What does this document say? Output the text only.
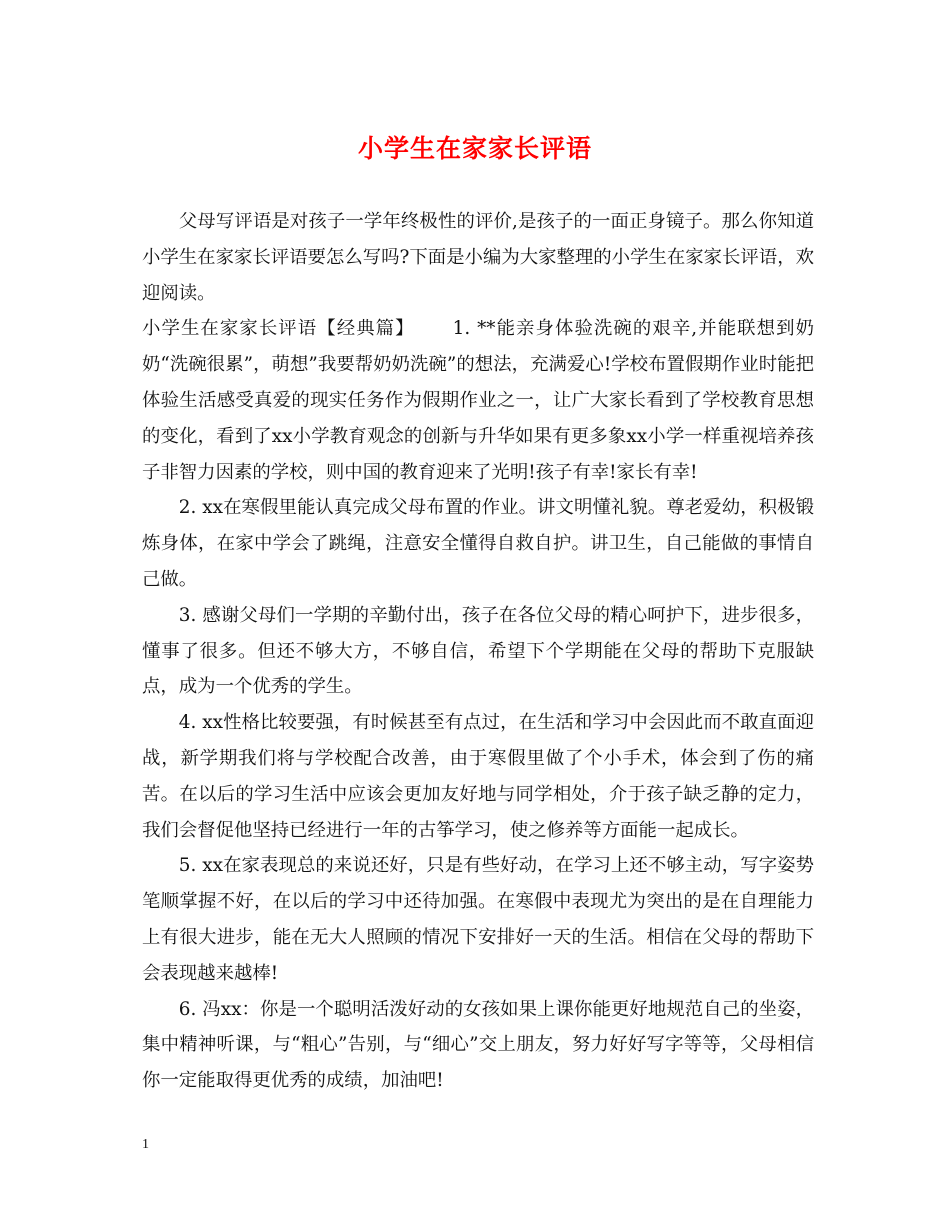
小学生在家家长评语

父母写评语是对孩子一学年终极性的评价,是孩子的一面正身镜子。那么你知道小学生在家家长评语要怎么写吗?下面是小编为大家整理的小学生在家家长评语，欢迎阅读。

小学生在家家长评语【经典篇】 1. **能亲身体验洗碗的艰辛,并能联想到奶奶“洗碗很累”，萌想”我要帮奶奶洗碗”的想法，充满爱心!学校布置假期作业时能把体验生活感受真爱的现实任务作为假期作业之一，让广大家长看到了学校教育思想的变化，看到了xx小学教育观念的创新与升华如果有更多象xx小学一样重视培养孩子非智力因素的学校，则中国的教育迎来了光明!孩子有幸!家长有幸!

2. xx在寒假里能认真完成父母布置的作业。讲文明懂礼貌。尊老爱幼，积极锻炼身体，在家中学会了跳绳，注意安全懂得自救自护。讲卫生，自己能做的事情自己做。

3. 感谢父母们一学期的辛勤付出，孩子在各位父母的精心呵护下，进步很多，懂事了很多。但还不够大方，不够自信，希望下个学期能在父母的帮助下克服缺点，成为一个优秀的学生。

4. xx性格比较要强，有时候甚至有点过，在生活和学习中会因此而不敢直面迎战，新学期我们将与学校配合改善，由于寒假里做了个小手术，体会到了伤的痛苦。在以后的学习生活中应该会更加友好地与同学相处，介于孩子缺乏静的定力，我们会督促他坚持已经进行一年的古筝学习，使之修养等方面能一起成长。

5. xx在家表现总的来说还好，只是有些好动，在学习上还不够主动，写字姿势笔顺掌握不好，在以后的学习中还待加强。在寒假中表现尤为突出的是在自理能力上有很大进步，能在无大人照顾的情况下安排好一天的生活。相信在父母的帮助下会表现越来越棒!

6. 冯xx：你是一个聪明活泼好动的女孩如果上课你能更好地规范自己的坐姿，集中精神听课，与“粗心”告别，与“细心”交上朋友，努力好好写字等等，父母相信你一定能取得更优秀的成绩，加油吧!

1
